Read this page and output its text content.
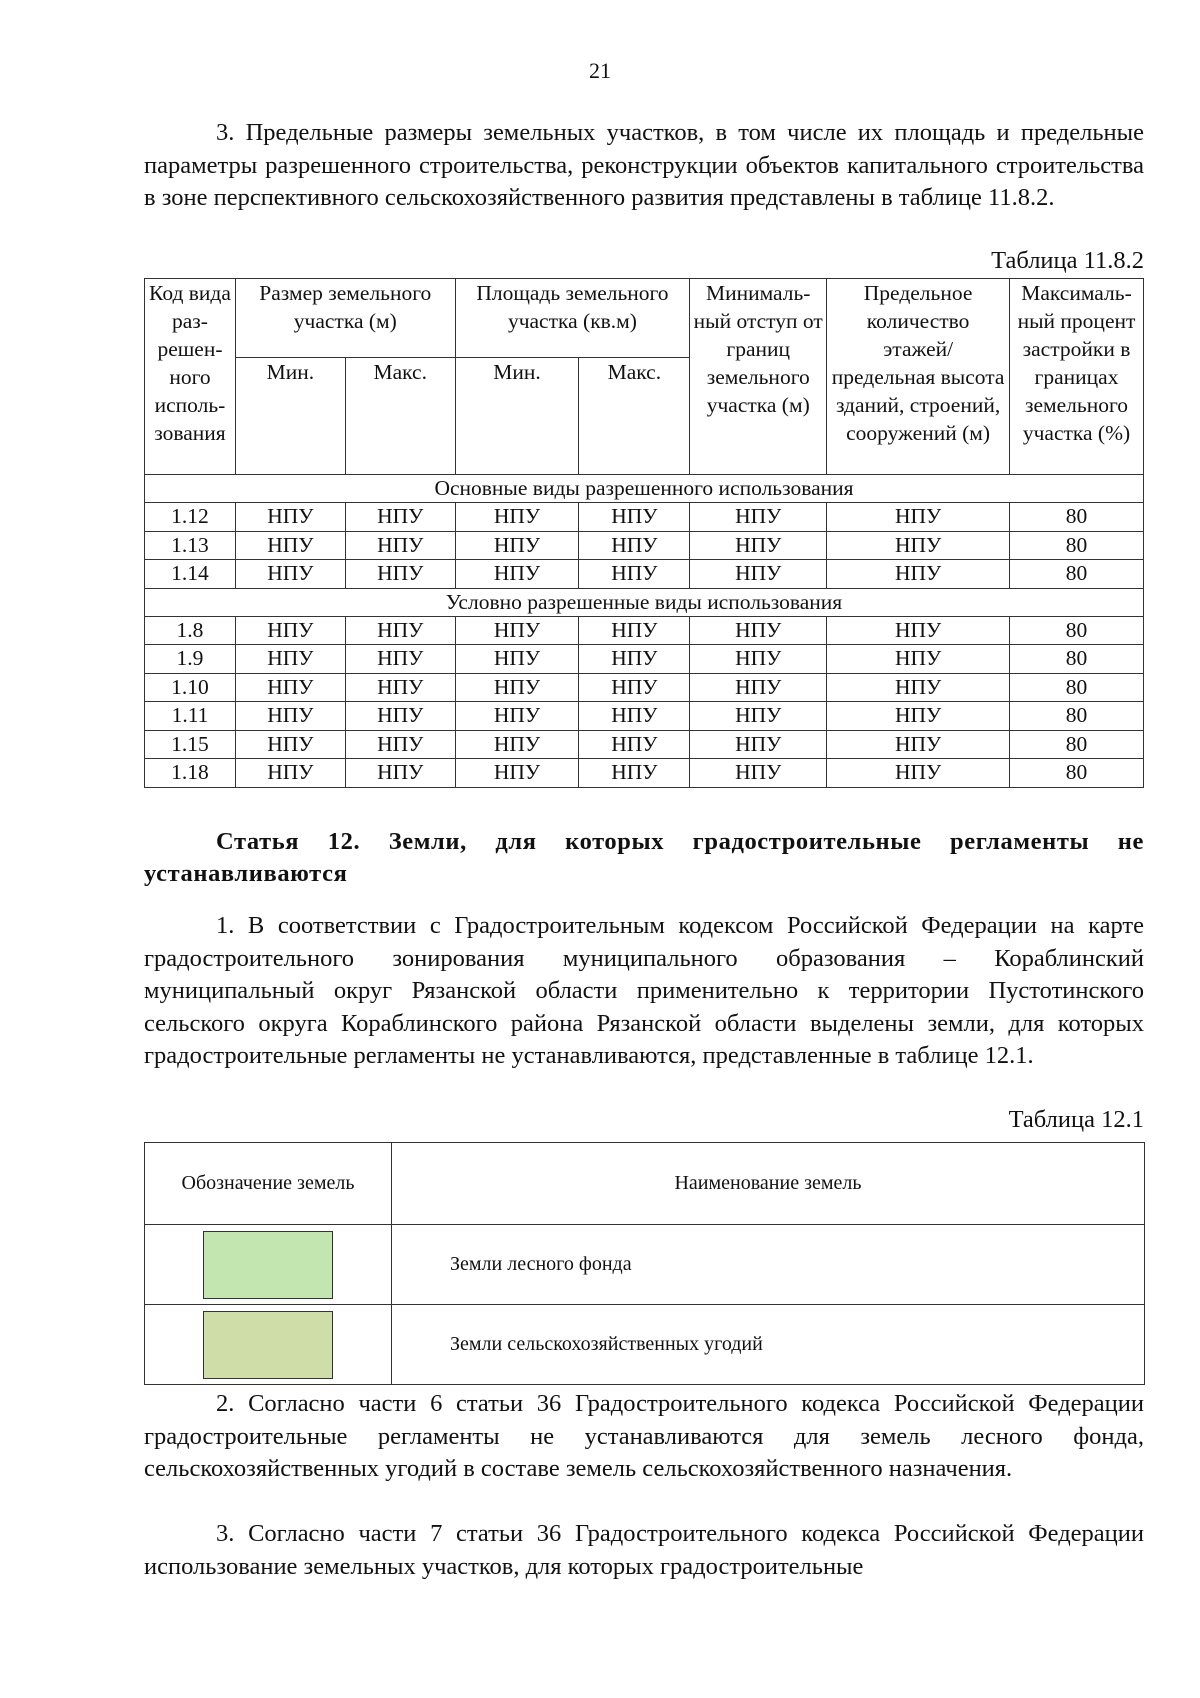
21

3. Предельные размеры земельных участков, в том числе их площадь и предельные параметры разрешенного строительства, реконструкции объектов капитального строительства в зоне перспективного сельскохозяйственного развития представлены в таблице 11.8.2.

Таблица 11.8.2
Код вида раз- решен- ного исполь- зования	Размер земельного участка (м)		Площадь земельного участка (кв.м)		Минималь- ный отступ от границ земельного участка (м)	Предельное количество этажей/ предельная высота зданий, строений, сооружений (м)	Максималь- ный процент застройки в границах земельного участка (%)
	Мин.	Макс.	Мин.	Макс.			
Основные виды разрешенного использования							
1.12	НПУ	НПУ	НПУ	НПУ	НПУ	НПУ	80
1.13	НПУ	НПУ	НПУ	НПУ	НПУ	НПУ	80
1.14	НПУ	НПУ	НПУ	НПУ	НПУ	НПУ	80
Условно разрешенные виды использования							
1.8	НПУ	НПУ	НПУ	НПУ	НПУ	НПУ	80
1.9	НПУ	НПУ	НПУ	НПУ	НПУ	НПУ	80
1.10	НПУ	НПУ	НПУ	НПУ	НПУ	НПУ	80
1.11	НПУ	НПУ	НПУ	НПУ	НПУ	НПУ	80
1.15	НПУ	НПУ	НПУ	НПУ	НПУ	НПУ	80
1.18	НПУ	НПУ	НПУ	НПУ	НПУ	НПУ	80
Статья 12. Земли, для которых градостроительные регламенты не устанавливаются

1. В соответствии с Градостроительным кодексом Российской Федерации на карте градостроительного зонирования муниципального образования – Кораблинский муниципальный округ Рязанской области применительно к территории Пустотинского сельского округа Кораблинского района Рязанской области выделены земли, для которых градостроительные регламенты не устанавливаются, представленные в таблице 12.1.

Таблица 12.1
Обозначение земель	Наименование земель

	Земли лесного фонда

	Земли сельскохозяйственных угодий

2. Согласно части 6 статьи 36 Градостроительного кодекса Российской Федерации градостроительные регламенты не устанавливаются для земель лесного фонда, сельскохозяйственных угодий в составе земель сельскохозяйственного назначения.

3. Согласно части 7 статьи 36 Градостроительного кодекса Российской Федерации использование земельных участков, для которых градостроительные
